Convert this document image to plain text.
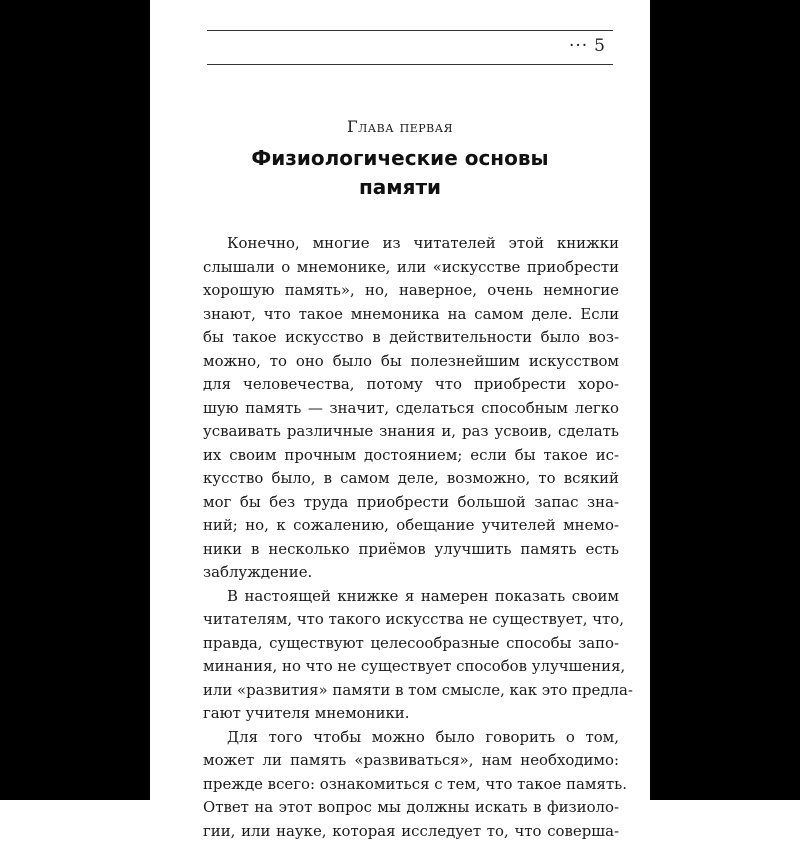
··· 5
Глава первая
Физиологические основы
памяти
Конечно, многие из читателей этой книжки
слышали о мнемонике, или «искусстве приобрести
хорошую память», но, наверное, очень немногие
знают, что такое мнемоника на самом деле. Если
бы такое искусство в действительности было воз-
можно, то оно было бы полезнейшим искусством
для человечества, потому что приобрести хоро-
шую память — значит, сделаться способным легко
усваивать различные знания и, раз усвоив, сделать
их своим прочным достоянием; если бы такое ис-
кусство было, в самом деле, возможно, то всякий
мог бы без труда приобрести большой запас зна-
ний; но, к сожалению, обещание учителей мнемо-
ники в несколько приёмов улучшить память есть
заблуждение.
В настоящей книжке я намерен показать своим
читателям, что такого искусства не существует, что,
правда, существуют целесообразные способы запо-
минания, но что не существует способов улучшения,
или «развития» памяти в том смысле, как это предла-
гают учителя мнемоники.
Для того чтобы можно было говорить о том,
может ли память «развиваться», нам необходимо:
прежде всего: ознакомиться с тем, что такое память.
Ответ на этот вопрос мы должны искать в физиоло-
гии, или науке, которая исследует то, что соверша-
